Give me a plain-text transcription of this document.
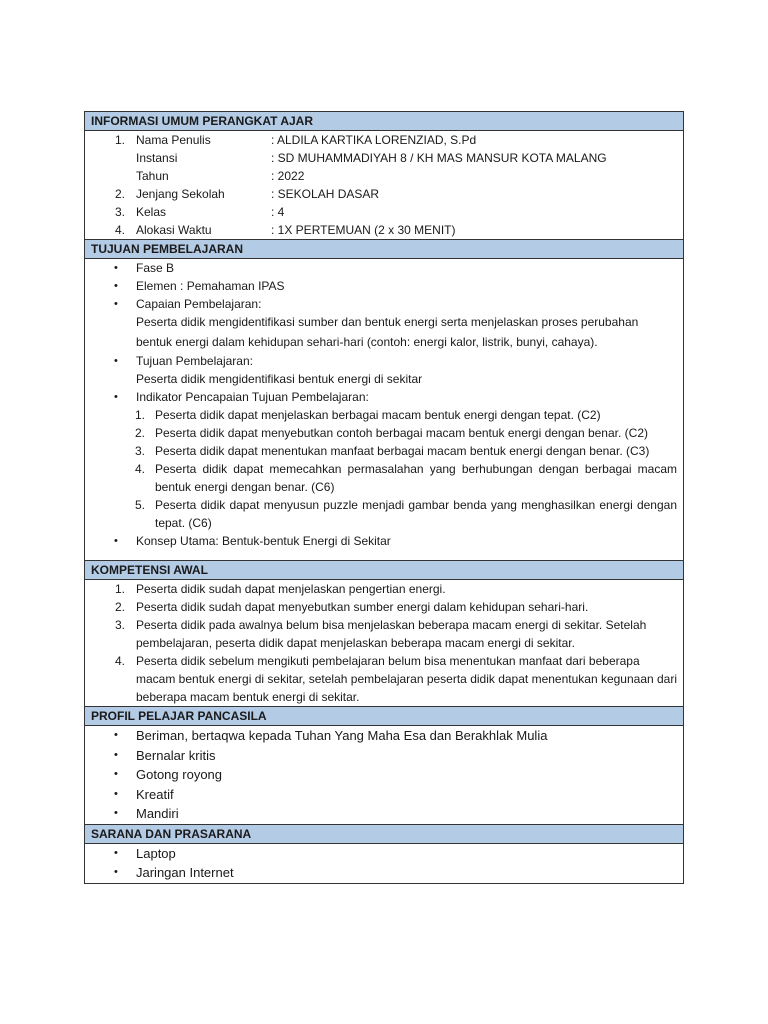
INFORMASI UMUM PERANGKAT AJAR
1. Nama Penulis	: ALDILA KARTIKA LORENZIAD, S.Pd
Instansi	: SD MUHAMMADIYAH 8 / KH MAS MANSUR KOTA MALANG
Tahun	: 2022
2. Jenjang Sekolah	: SEKOLAH DASAR
3. Kelas	: 4
4. Alokasi Waktu	: 1X PERTEMUAN (2 x 30 MENIT)
TUJUAN PEMBELAJARAN
• Fase B
• Elemen : Pemahaman IPAS
• Capaian Pembelajaran:
Peserta didik mengidentifikasi sumber dan bentuk energi serta menjelaskan proses perubahan bentuk energi dalam kehidupan sehari-hari (contoh: energi kalor, listrik, bunyi, cahaya).
• Tujuan Pembelajaran:
Peserta didik mengidentifikasi bentuk energi di sekitar
• Indikator Pencapaian Tujuan Pembelajaran:
1. Peserta didik dapat menjelaskan berbagai macam bentuk energi dengan tepat. (C2)
2. Peserta didik dapat menyebutkan contoh berbagai macam bentuk energi dengan benar. (C2)
3. Peserta didik dapat menentukan manfaat berbagai macam bentuk energi dengan benar. (C3)
4. Peserta didik dapat memecahkan permasalahan yang berhubungan dengan berbagai macam bentuk energi dengan benar. (C6)
5. Peserta didik dapat menyusun puzzle menjadi gambar benda yang menghasilkan energi dengan tepat. (C6)
• Konsep Utama: Bentuk-bentuk Energi di Sekitar
KOMPETENSI AWAL
1. Peserta didik sudah dapat menjelaskan pengertian energi.
2. Peserta didik sudah dapat menyebutkan sumber energi dalam kehidupan sehari-hari.
3. Peserta didik pada awalnya belum bisa menjelaskan beberapa macam energi di sekitar. Setelah pembelajaran, peserta didik dapat menjelaskan beberapa macam energi di sekitar.
4. Peserta didik sebelum mengikuti pembelajaran belum bisa menentukan manfaat dari beberapa macam bentuk energi di sekitar, setelah pembelajaran peserta didik dapat menentukan kegunaan dari beberapa macam bentuk energi di sekitar.
PROFIL PELAJAR PANCASILA
• Beriman, bertaqwa kepada Tuhan Yang Maha Esa dan Berakhlak Mulia
• Bernalar kritis
• Gotong royong
• Kreatif
• Mandiri
SARANA DAN PRASARANA
• Laptop
• Jaringan Internet
